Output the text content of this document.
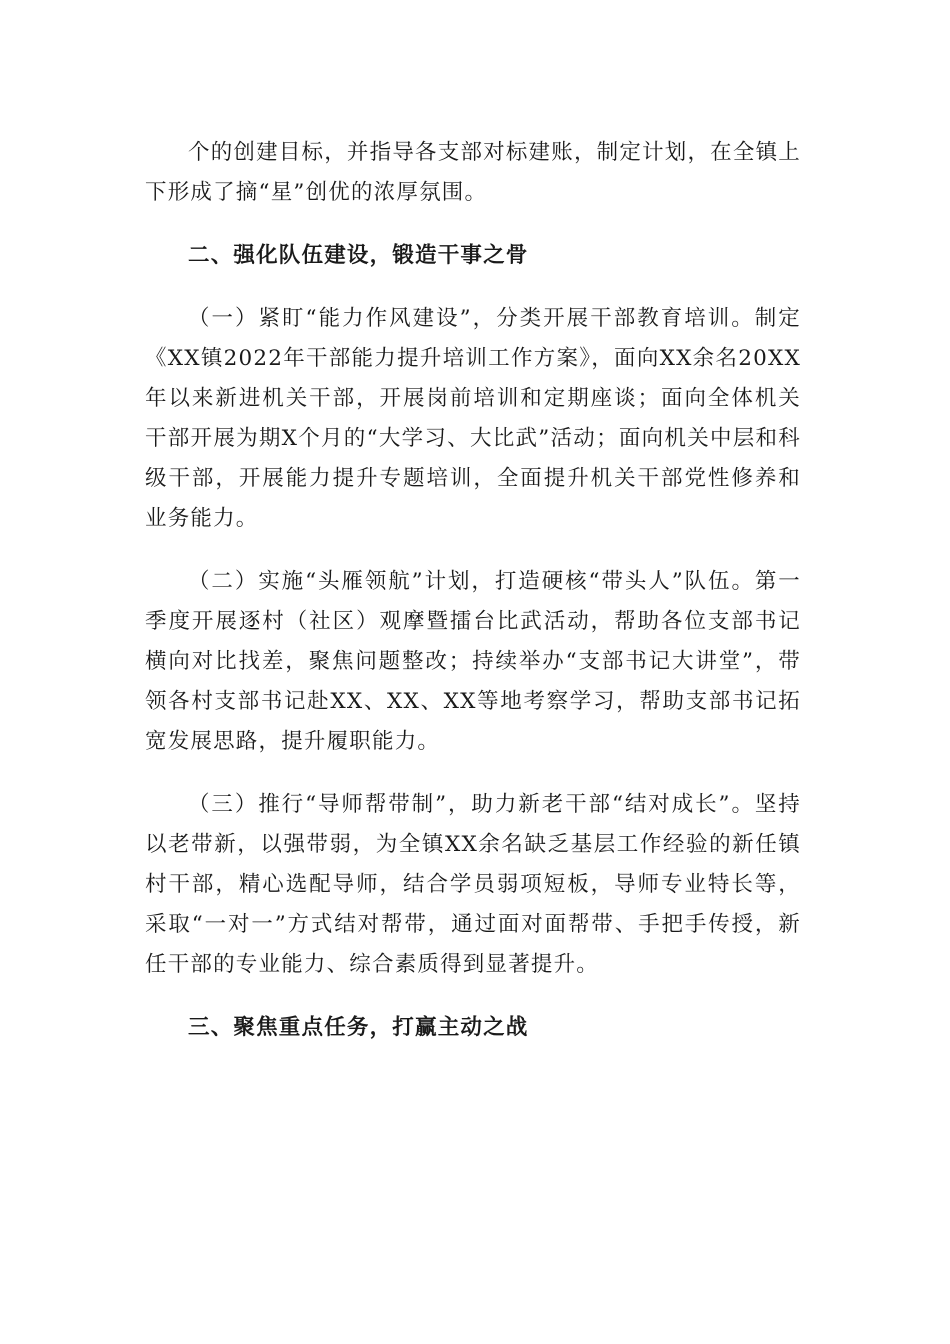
个的创建目标，并指导各支部对标建账，制定计划，在全镇上下形成了摘“星”创优的浓厚氛围。

二、强化队伍建设，锻造干事之骨

（一）紧盯“能力作风建设”，分类开展干部教育培训。制定《XX镇2022年干部能力提升培训工作方案》，面向XX余名20XX年以来新进机关干部，开展岗前培训和定期座谈；面向全体机关干部开展为期X个月的“大学习、大比武”活动；面向机关中层和科级干部，开展能力提升专题培训，全面提升机关干部党性修养和业务能力。

（二）实施“头雁领航”计划，打造硬核“带头人”队伍。第一季度开展逐村（社区）观摩暨擂台比武活动，帮助各位支部书记横向对比找差，聚焦问题整改；持续举办“支部书记大讲堂”，带领各村支部书记赴XX、XX、XX等地考察学习，帮助支部书记拓宽发展思路，提升履职能力。

（三）推行“导师帮带制”，助力新老干部“结对成长”。坚持以老带新，以强带弱，为全镇XX余名缺乏基层工作经验的新任镇村干部，精心选配导师，结合学员弱项短板，导师专业特长等，采取“一对一”方式结对帮带，通过面对面帮带、手把手传授，新任干部的专业能力、综合素质得到显著提升。

三、聚焦重点任务，打赢主动之战
